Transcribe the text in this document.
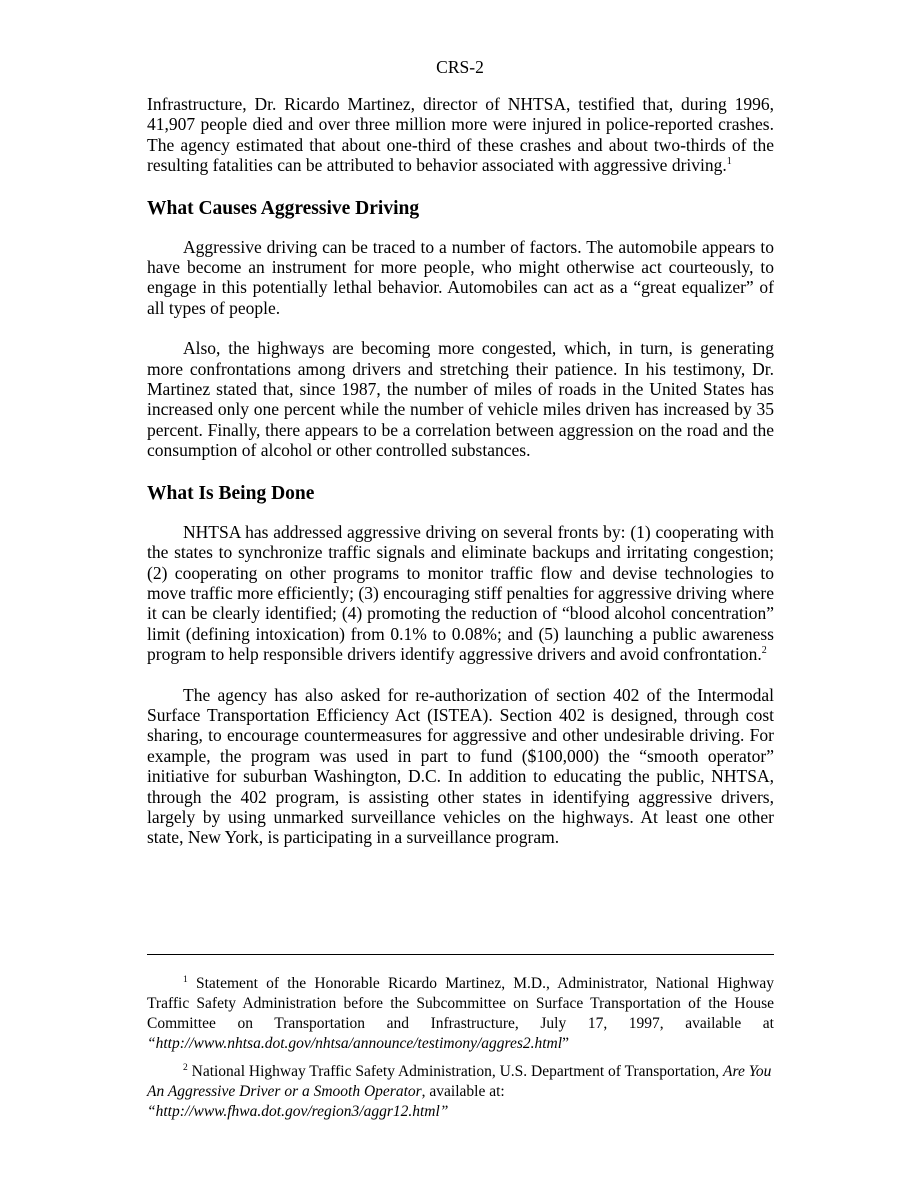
CRS-2

Infrastructure, Dr. Ricardo Martinez, director of NHTSA, testified that, during 1996, 41,907 people died and over three million more were injured in police-reported crashes. The agency estimated that about one-third of these crashes and about two-thirds of the resulting fatalities can be attributed to behavior associated with aggressive driving.$^1$

What Causes Aggressive Driving

Aggressive driving can be traced to a number of factors. The automobile appears to have become an instrument for more people, who might otherwise act courteously, to engage in this potentially lethal behavior. Automobiles can act as a “great equalizer” of all types of people.

Also, the highways are becoming more congested, which, in turn, is generating more confrontations among drivers and stretching their patience. In his testimony, Dr. Martinez stated that, since 1987, the number of miles of roads in the United States has increased only one percent while the number of vehicle miles driven has increased by 35 percent. Finally, there appears to be a correlation between aggression on the road and the consumption of alcohol or other controlled substances.

What Is Being Done

NHTSA has addressed aggressive driving on several fronts by: (1) cooperating with the states to synchronize traffic signals and eliminate backups and irritating congestion; (2) cooperating on other programs to monitor traffic flow and devise technologies to move traffic more efficiently; (3) encouraging stiff penalties for aggressive driving where it can be clearly identified; (4) promoting the reduction of “blood alcohol concentration” limit (defining intoxication) from 0.1% to 0.08%; and (5) launching a public awareness program to help responsible drivers identify aggressive drivers and avoid confrontation.$^2$

The agency has also asked for re-authorization of section 402 of the Intermodal Surface Transportation Efficiency Act (ISTEA). Section 402 is designed, through cost sharing, to encourage countermeasures for aggressive and other undesirable driving. For example, the program was used in part to fund ($100,000) the “smooth operator” initiative for suburban Washington, D.C. In addition to educating the public, NHTSA, through the 402 program, is assisting other states in identifying aggressive drivers, largely by using unmarked surveillance vehicles on the highways. At least one other state, New York, is participating in a surveillance program.

$^1$ Statement of the Honorable Ricardo Martinez, M.D., Administrator, National Highway Traffic Safety Administration before the Subcommittee on Surface Transportation of the House Committee on Transportation and Infrastructure, July 17, 1997, available at “http://www.nhtsa.dot.gov/nhtsa/announce/testimony/aggres2.html”

$^2$ National Highway Traffic Safety Administration, U.S. Department of Transportation, Are You An Aggressive Driver or a Smooth Operator, available at:
“http://www.fhwa.dot.gov/region3/aggr12.html”
